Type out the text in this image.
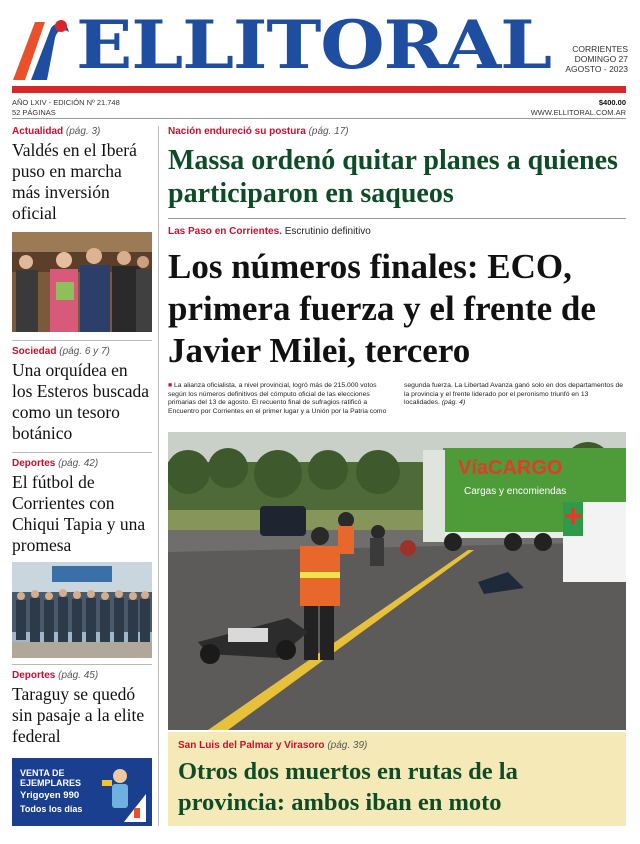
ELLITORAL	CORRIENTES
DOMINGO 27
AGOSTO - 2023
AÑO LXIV - EDICIÓN Nº 21.748
52 PÁGINAS
$400.00
WWW.ELLITORAL.COM.AR
Actualidad (pág. 3)
Valdés en el Iberá puso en marcha más inversión oficial
Sociedad (pág. 6 y 7)
Una orquídea en los Esteros buscada como un tesoro botánico
Deportes (pág. 42)
El fútbol de Corrientes con Chiqui Tapia y una promesa
Deportes (pág. 45)
Taraguy se quedó sin pasaje a la elite federal
VENTA DE
EJEMPLARES
Yrigoyen 990
Todos los días
Nación endureció su postura (pág. 17)
Massa ordenó quitar planes a quienes participaron en saqueos
Las Paso en Corrientes. Escrutinio definitivo
Los números finales: ECO, primera fuerza y el frente de Javier Milei, tercero
■ La alianza oficialista, a nivel provincial, logró más de 215.000 votos según los números definitivos del cómputo oficial de las elecciones primarias del 13 de agosto. El recuento final de sufragios ratificó a Encuentro por Corrientes en el primer lugar y a Unión por la Patria como segunda fuerza. La Libertad Avanza ganó solo en dos departamentos de la provincia y el frente liderado por el peronismo triunfó en 13 localidades. (pág. 4)
VíaCARGO
Cargas y encomiendas
San Luis del Palmar y Virasoro (pág. 39)
Otros dos muertos en rutas de la provincia: ambos iban en moto
